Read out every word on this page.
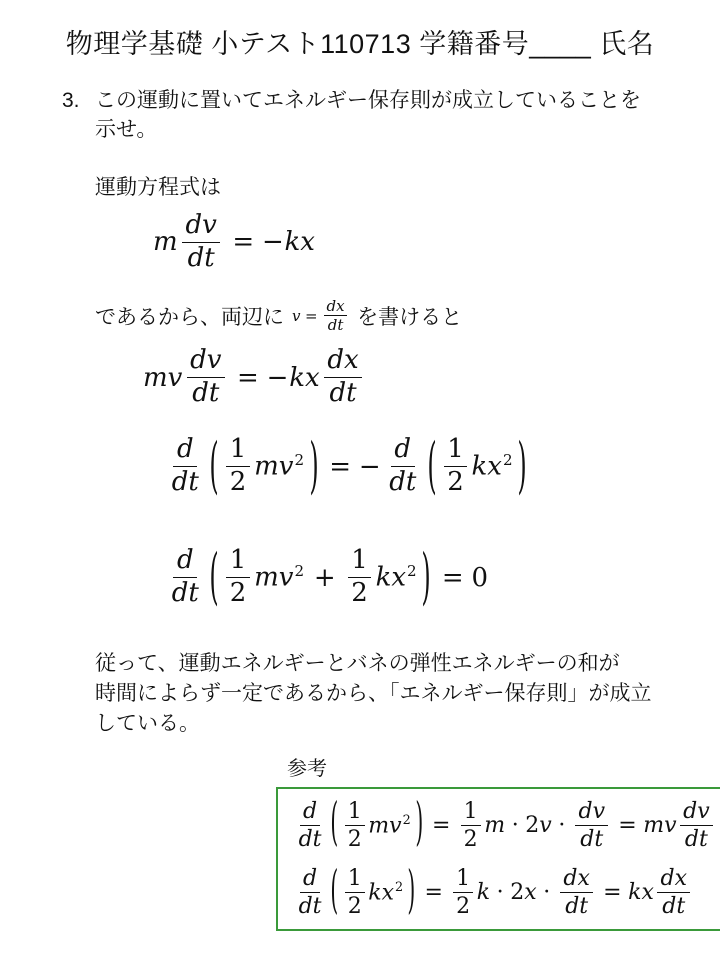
物理学基礎 小テスト110713 学籍番号____ 氏名
3. この運動に置いてエネルギー保存則が成立していることを
示せ。
運動方程式は
m $\frac{dv}{dt}$ = − kx
であるから、両辺に $v = \frac{dx}{dt}$ を書けると
mv $\frac{dv}{dt}$ = − kx $\frac{dx}{dt}$
$\frac{d}{dt}$ ( $\frac{1}{2} mv^2$ ) = − $\frac{d}{dt}$ ( $\frac{1}{2} kx^2$ )
$\frac{d}{dt}$ ( $\frac{1}{2} mv^2 + \frac{1}{2} kx^2$ ) = 0
従って、運動エネルギーとバネの弾性エネルギーの和が
時間によらず一定であるから、「エネルギー保存則」が成立
している。
参考
$\frac{d}{dt}$ ( $\frac{1}{2} mv^2$ ) = $\frac{1}{2}$ m · 2 $v \cdot \frac{dv}{dt}$ = mv $\frac{dv}{dt}$
$\frac{d}{dt}$ ( $\frac{1}{2} kx^2$ ) = $\frac{1}{2}$ k · 2 $x \cdot \frac{dx}{dt}$ = kx $\frac{dx}{dt}$
